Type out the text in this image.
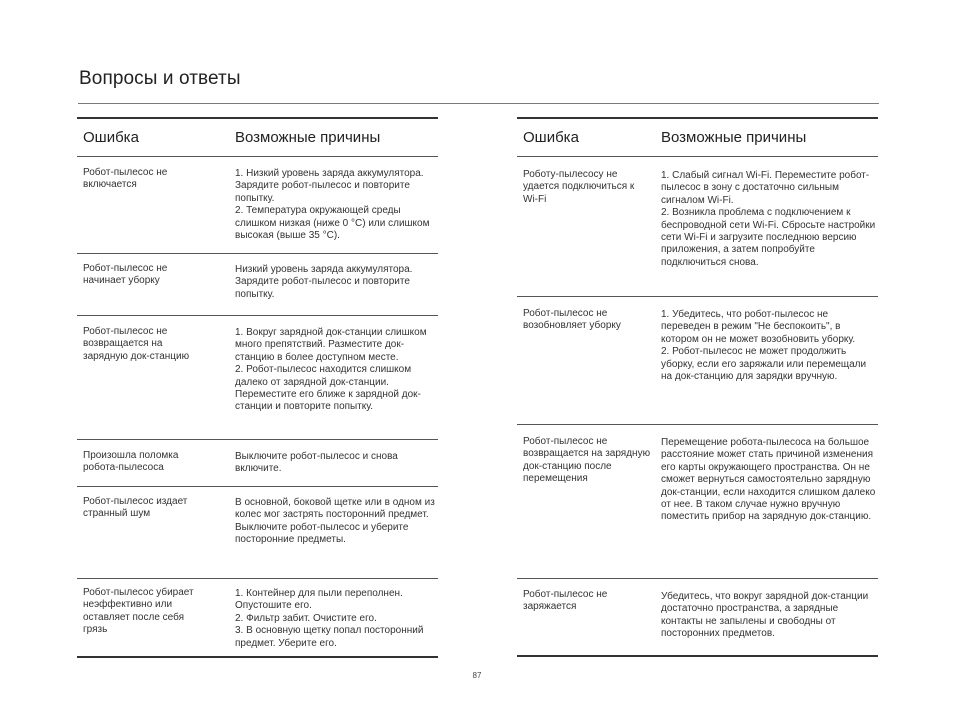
Вопросы и ответы
Ошибка	Возможные причины
Робот-пылесос не включается
1. Низкий уровень заряда аккумулятора. Зарядите робот-пылесос и повторите попытку.
2. Температура окружающей среды слишком низкая (ниже 0 °C) или слишком высокая (выше 35 °C).
Робот-пылесос не начинает уборку
Низкий уровень заряда аккумулятора. Зарядите робот-пылесос и повторите попытку.
Робот-пылесос не возвращается на зарядную док-станцию
1. Вокруг зарядной док-станции слишком много препятствий. Разместите док-станцию в более доступном месте.
2. Робот-пылесос находится слишком далеко от зарядной док-станции. Переместите его ближе к зарядной док-станции и повторите попытку.
Произошла поломка робота-пылесоса
Выключите робот-пылесос и снова включите.
Робот-пылесос издает странный шум
В основной, боковой щетке или в одном из колес мог застрять посторонний предмет. Выключите робот-пылесос и уберите посторонние предметы.
Робот-пылесос убирает неэффективно или оставляет после себя грязь
1. Контейнер для пыли переполнен. Опустошите его.
2. Фильтр забит. Очистите его.
3. В основную щетку попал посторонний предмет. Уберите его.
Ошибка	Возможные причины
Роботу-пылесосу не удается подключиться к Wi-Fi
1. Слабый сигнал Wi-Fi. Переместите робот-пылесос в зону с достаточно сильным сигналом Wi-Fi.
2. Возникла проблема с подключением к беспроводной сети Wi-Fi. Сбросьте настройки сети Wi-Fi и загрузите последнюю версию приложения, а затем попробуйте подключиться снова.
Робот-пылесос не возобновляет уборку
1. Убедитесь, что робот-пылесос не переведен в режим "Не беспокоить", в котором он не может возобновить уборку.
2. Робот-пылесос не может продолжить уборку, если его заряжали или перемещали на док-станцию для зарядки вручную.
Робот-пылесос не возвращается на зарядную док-станцию после перемещения
Перемещение робота-пылесоса на большое расстояние может стать причиной изменения его карты окружающего пространства. Он не сможет вернуться самостоятельно зарядную док-станции, если находится слишком далеко от нее. В таком случае нужно вручную поместить прибор на зарядную док-станцию.
Робот-пылесос не заряжается
Убедитесь, что вокруг зарядной док-станции достаточно пространства, а зарядные контакты не запылены и свободны от посторонних предметов.
87
